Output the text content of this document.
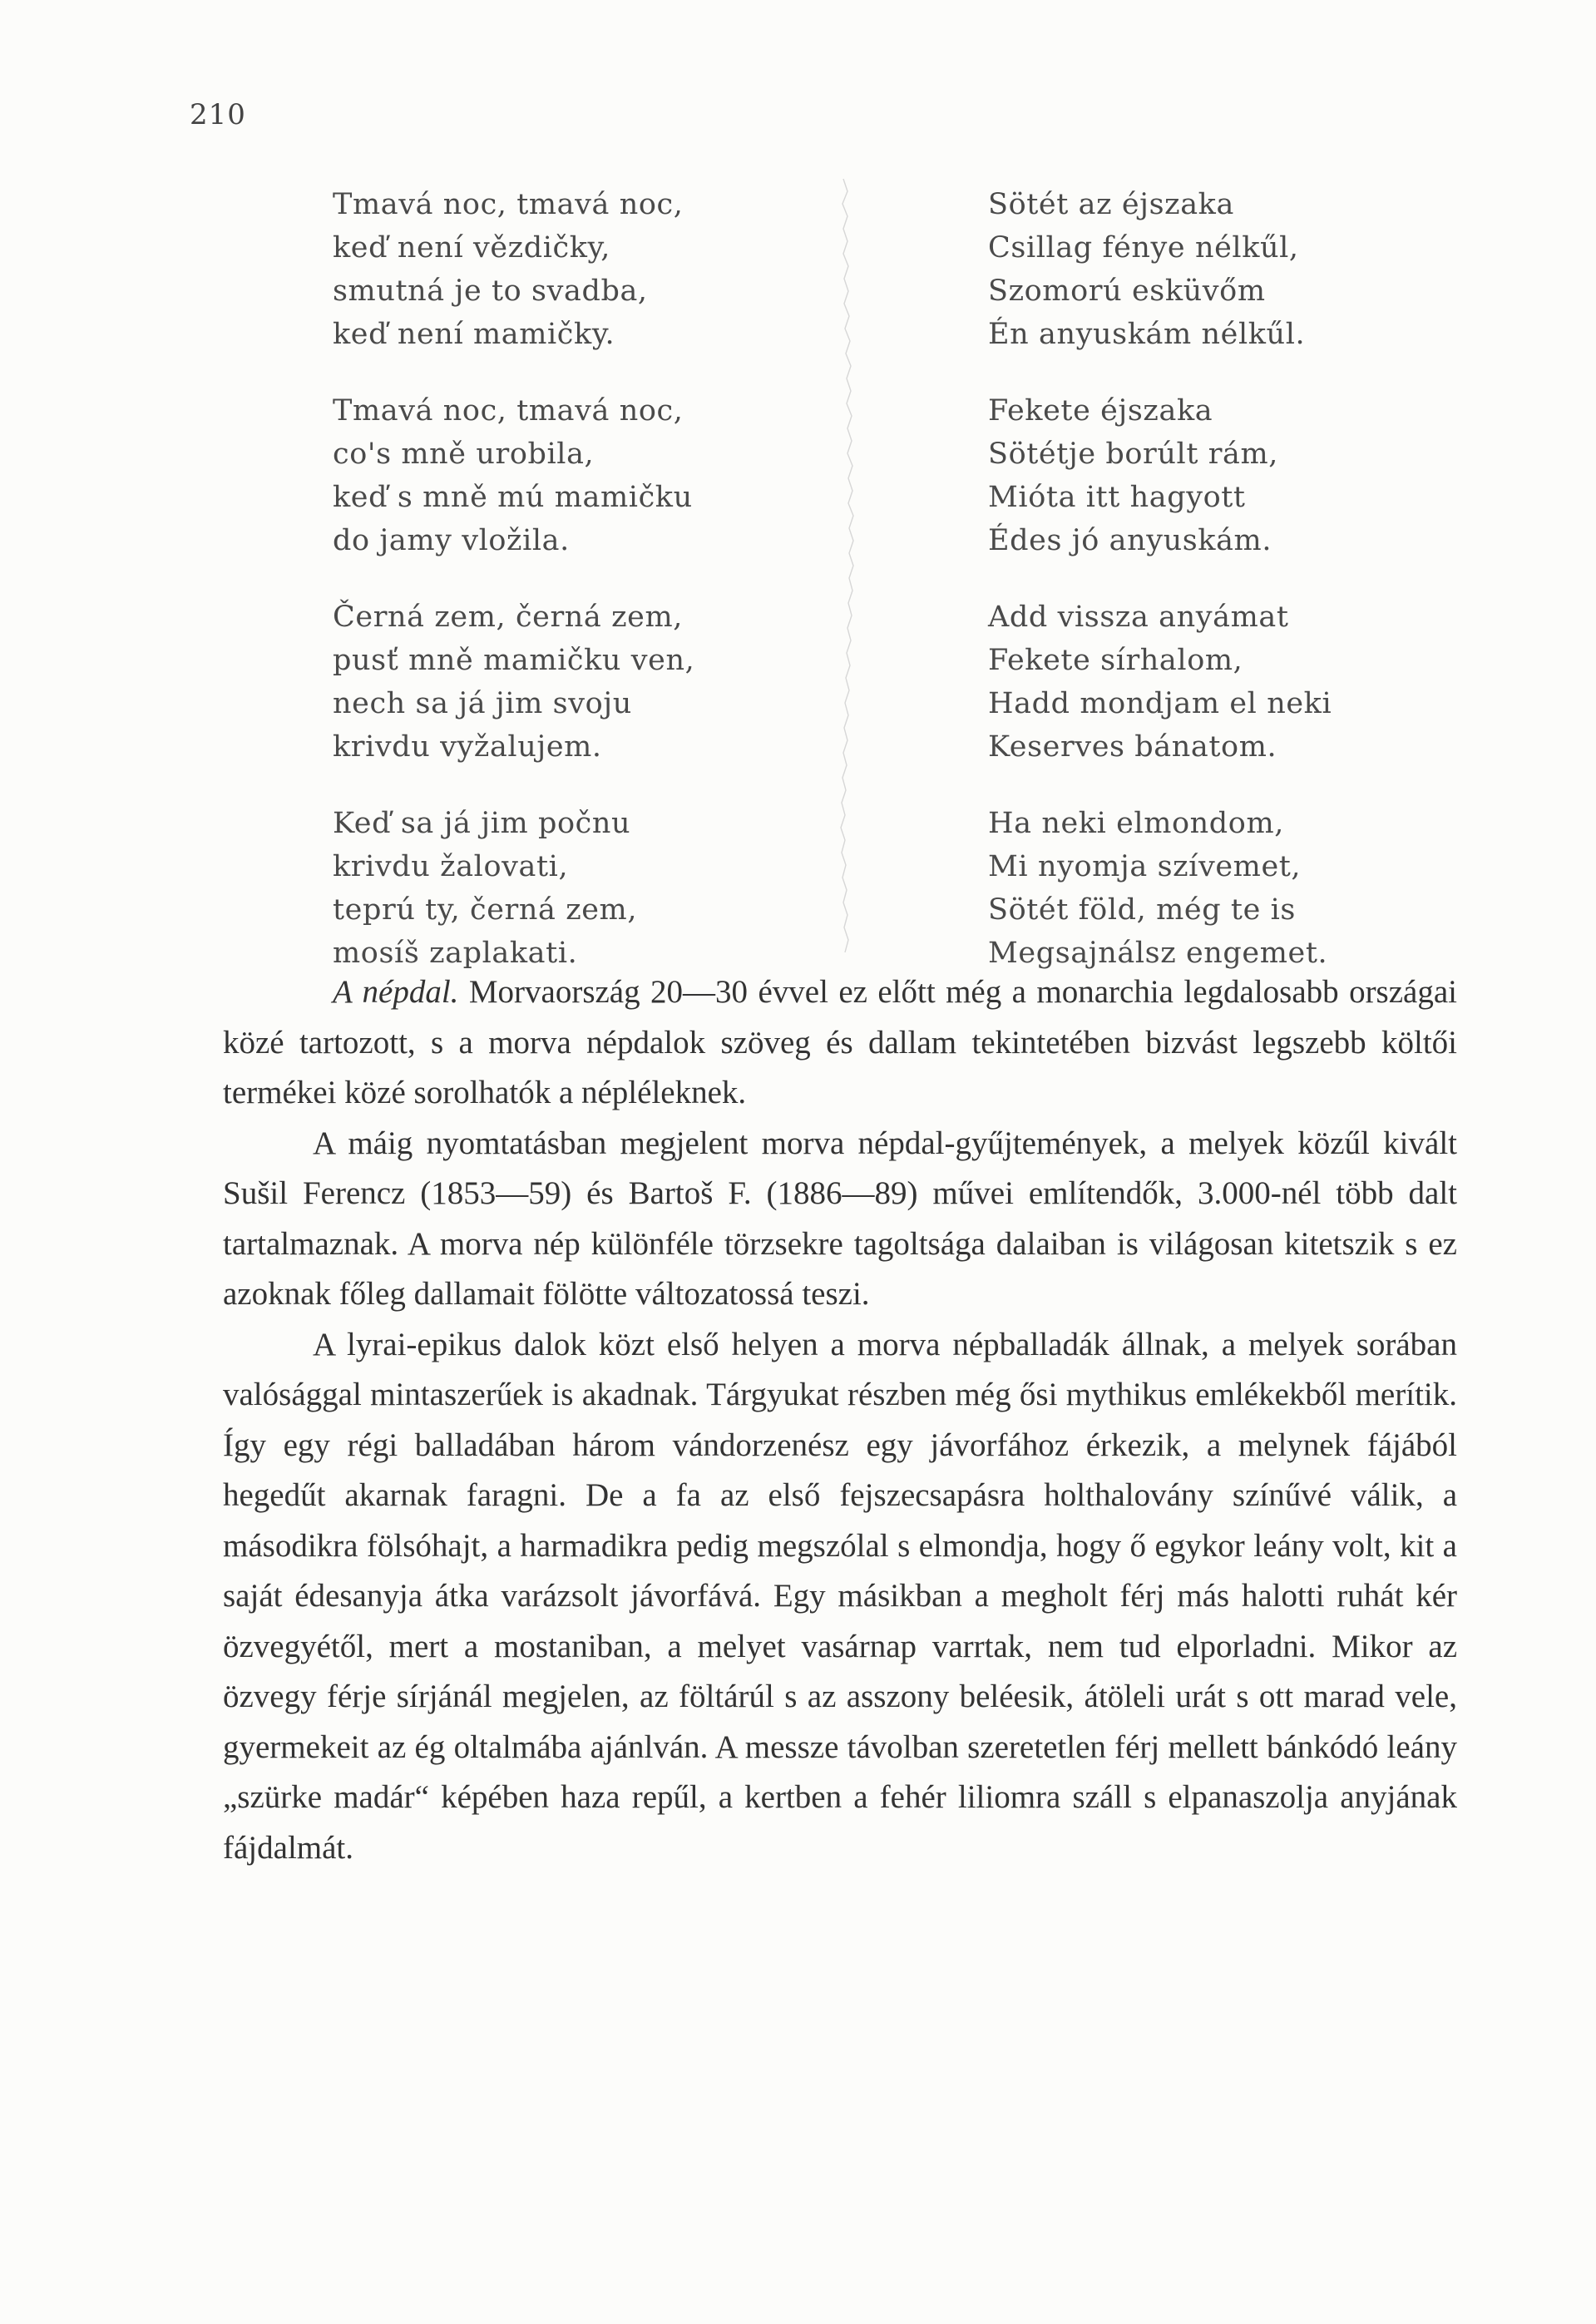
210
Tmavá noc, tmavá noc,
keď není vězdičky,
smutná je to svadba,
keď není mamičky.
Tmavá noc, tmavá noc,
co's mně urobila,
keď s mně mú mamičku
do jamy vložila.
Černá zem, černá zem,
pusť mně mamičku ven,
nech sa já jim svoju
krivdu vyžalujem.
Keď sa já jim počnu
krivdu žalovati,
teprú ty, černá zem,
mosíš zaplakati.
Sötét az éjszaka
Csillag fénye nélkűl,
Szomorú esküvőm
Én anyuskám nélkűl.
Fekete éjszaka
Sötétje borúlt rám,
Mióta itt hagyott
Édes jó anyuskám.
Add vissza anyámat
Fekete sírhalom,
Hadd mondjam el neki
Keserves bánatom.
Ha neki elmondom,
Mi nyomja szívemet,
Sötét föld, még te is
Megsajnálsz engemet.

A népdal. Morvaország 20—30 évvel ez előtt még a monarchia legdalosabb országai közé tartozott, s a morva népdalok szöveg és dallam tekintetében bizvást legszebb költői termékei közé sorolhatók a népléleknek.

A máig nyomtatásban megjelent morva népdal-gyűjtemények, a melyek közűl kivált Sušil Ferencz (1853—59) és Bartoš F. (1886—89) művei említendők, 3.000-nél több dalt tartalmaznak. A morva nép különféle törzsekre tagoltsága dalaiban is világosan kitetszik s ez azoknak főleg dallamait fölötte változatossá teszi.

A lyrai-epikus dalok közt első helyen a morva népballadák állnak, a melyek sorában valósággal mintaszerűek is akadnak. Tárgyukat részben még ősi mythikus emlékekből merítik. Így egy régi balladában három vándorzenész egy jávorfához érkezik, a melynek fájából hegedűt akarnak faragni. De a fa az első fejszecsapásra holthalovány színűvé válik, a másodikra fölsóhajt, a harmadikra pedig megszólal s elmondja, hogy ő egykor leány volt, kit a saját édesanyja átka varázsolt jávorfává. Egy másikban a megholt férj más halotti ruhát kér özvegyétől, mert a mostaniban, a melyet vasárnap varrtak, nem tud elporladni. Mikor az özvegy férje sírjánál megjelen, az föltárúl s az asszony beléesik, átöleli urát s ott marad vele, gyermekeit az ég oltalmába ajánlván. A messze távolban szeretetlen férj mellett bánkódó leány „szürke madár“ képében haza repűl, a kertben a fehér liliomra száll s elpanaszolja anyjának fájdalmát.
